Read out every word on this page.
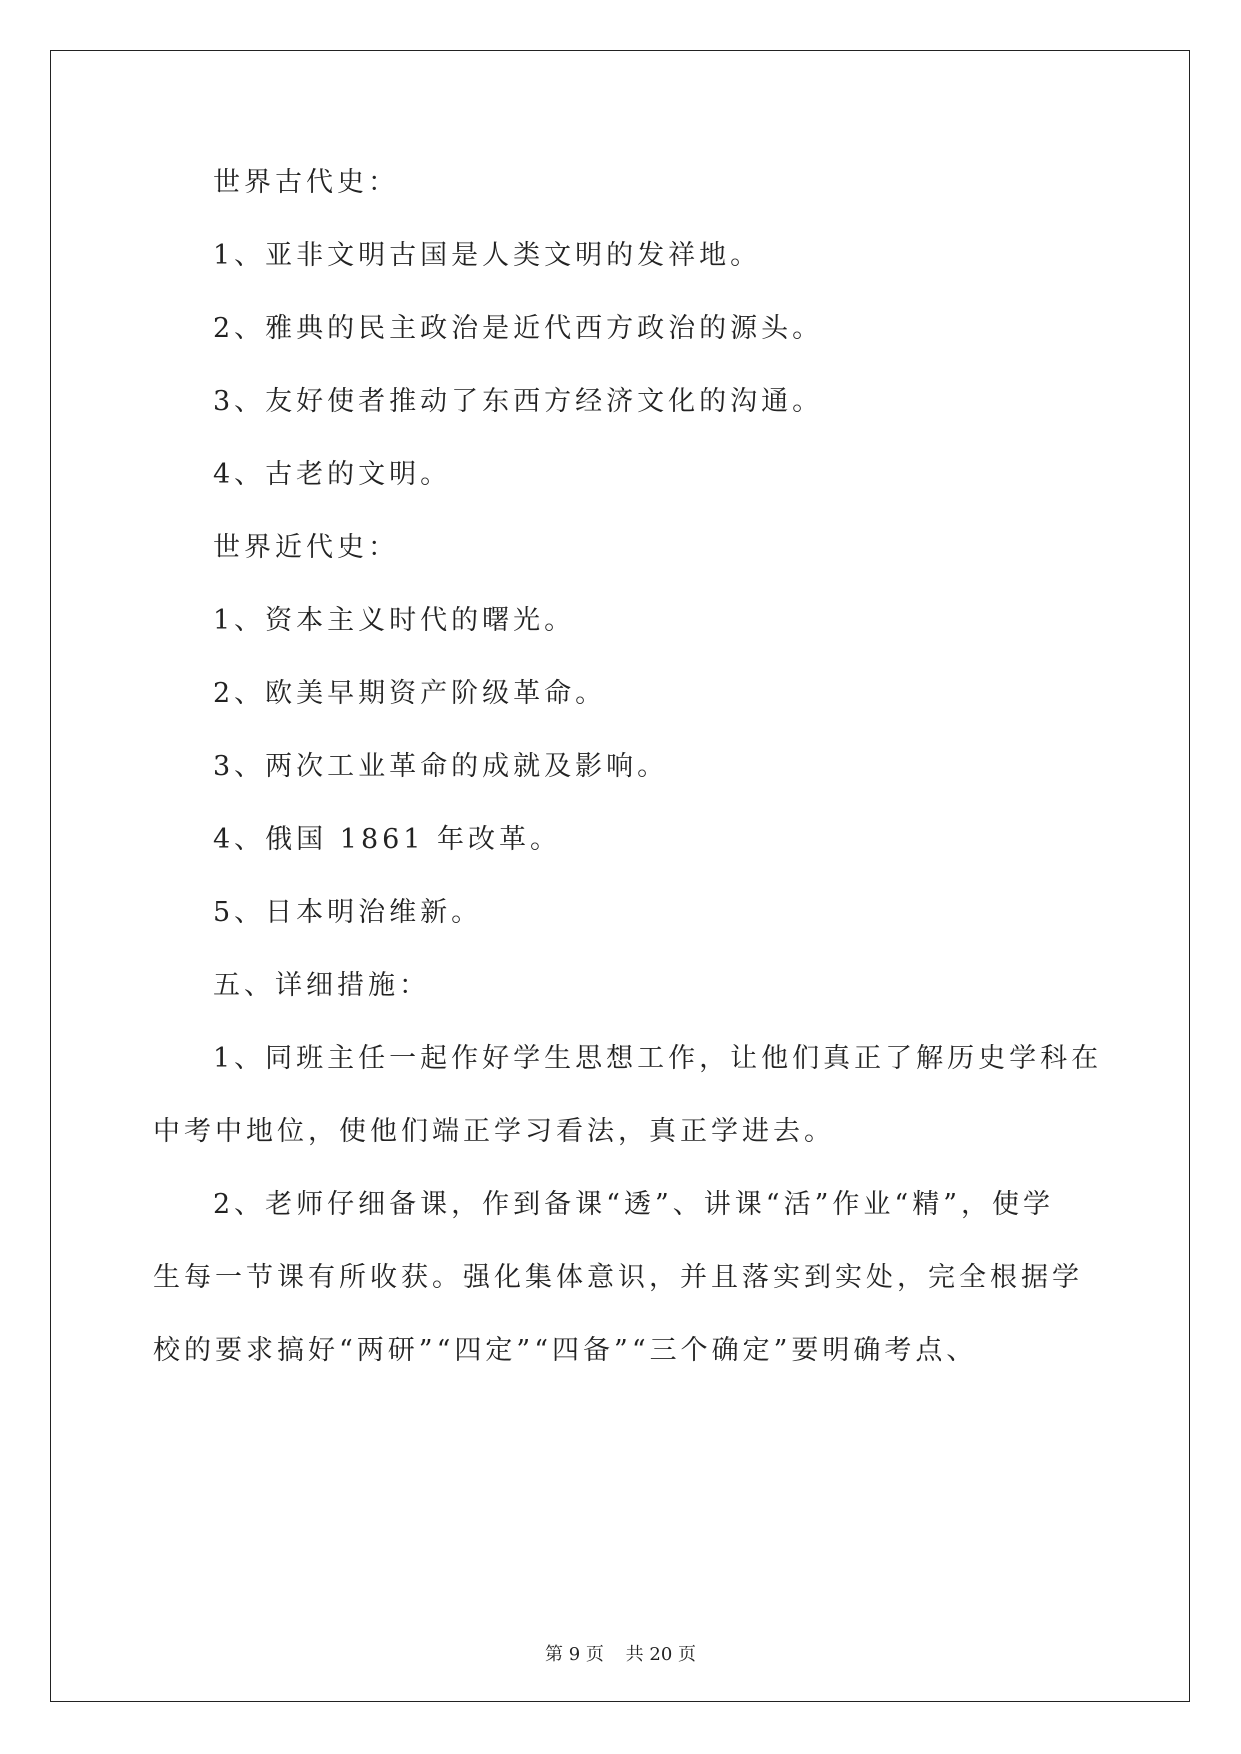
世界古代史：
1、亚非文明古国是人类文明的发祥地。
2、雅典的民主政治是近代西方政治的源头。
3、友好使者推动了东西方经济文化的沟通。
4、古老的文明。
世界近代史：
1、资本主义时代的曙光。
2、欧美早期资产阶级革命。
3、两次工业革命的成就及影响。
4、俄国 1861 年改革。
5、日本明治维新。
五、详细措施：
1、同班主任一起作好学生思想工作，让他们真正了解历史学科在
中考中地位，使他们端正学习看法，真正学进去。
2、老师仔细备课，作到备课“透”、讲课“活”作业“精”，使学
生每一节课有所收获。强化集体意识，并且落实到实处，完全根据学
校的要求搞好“两研”“四定”“四备”“三个确定”要明确考点、
第 9 页 共 20 页
